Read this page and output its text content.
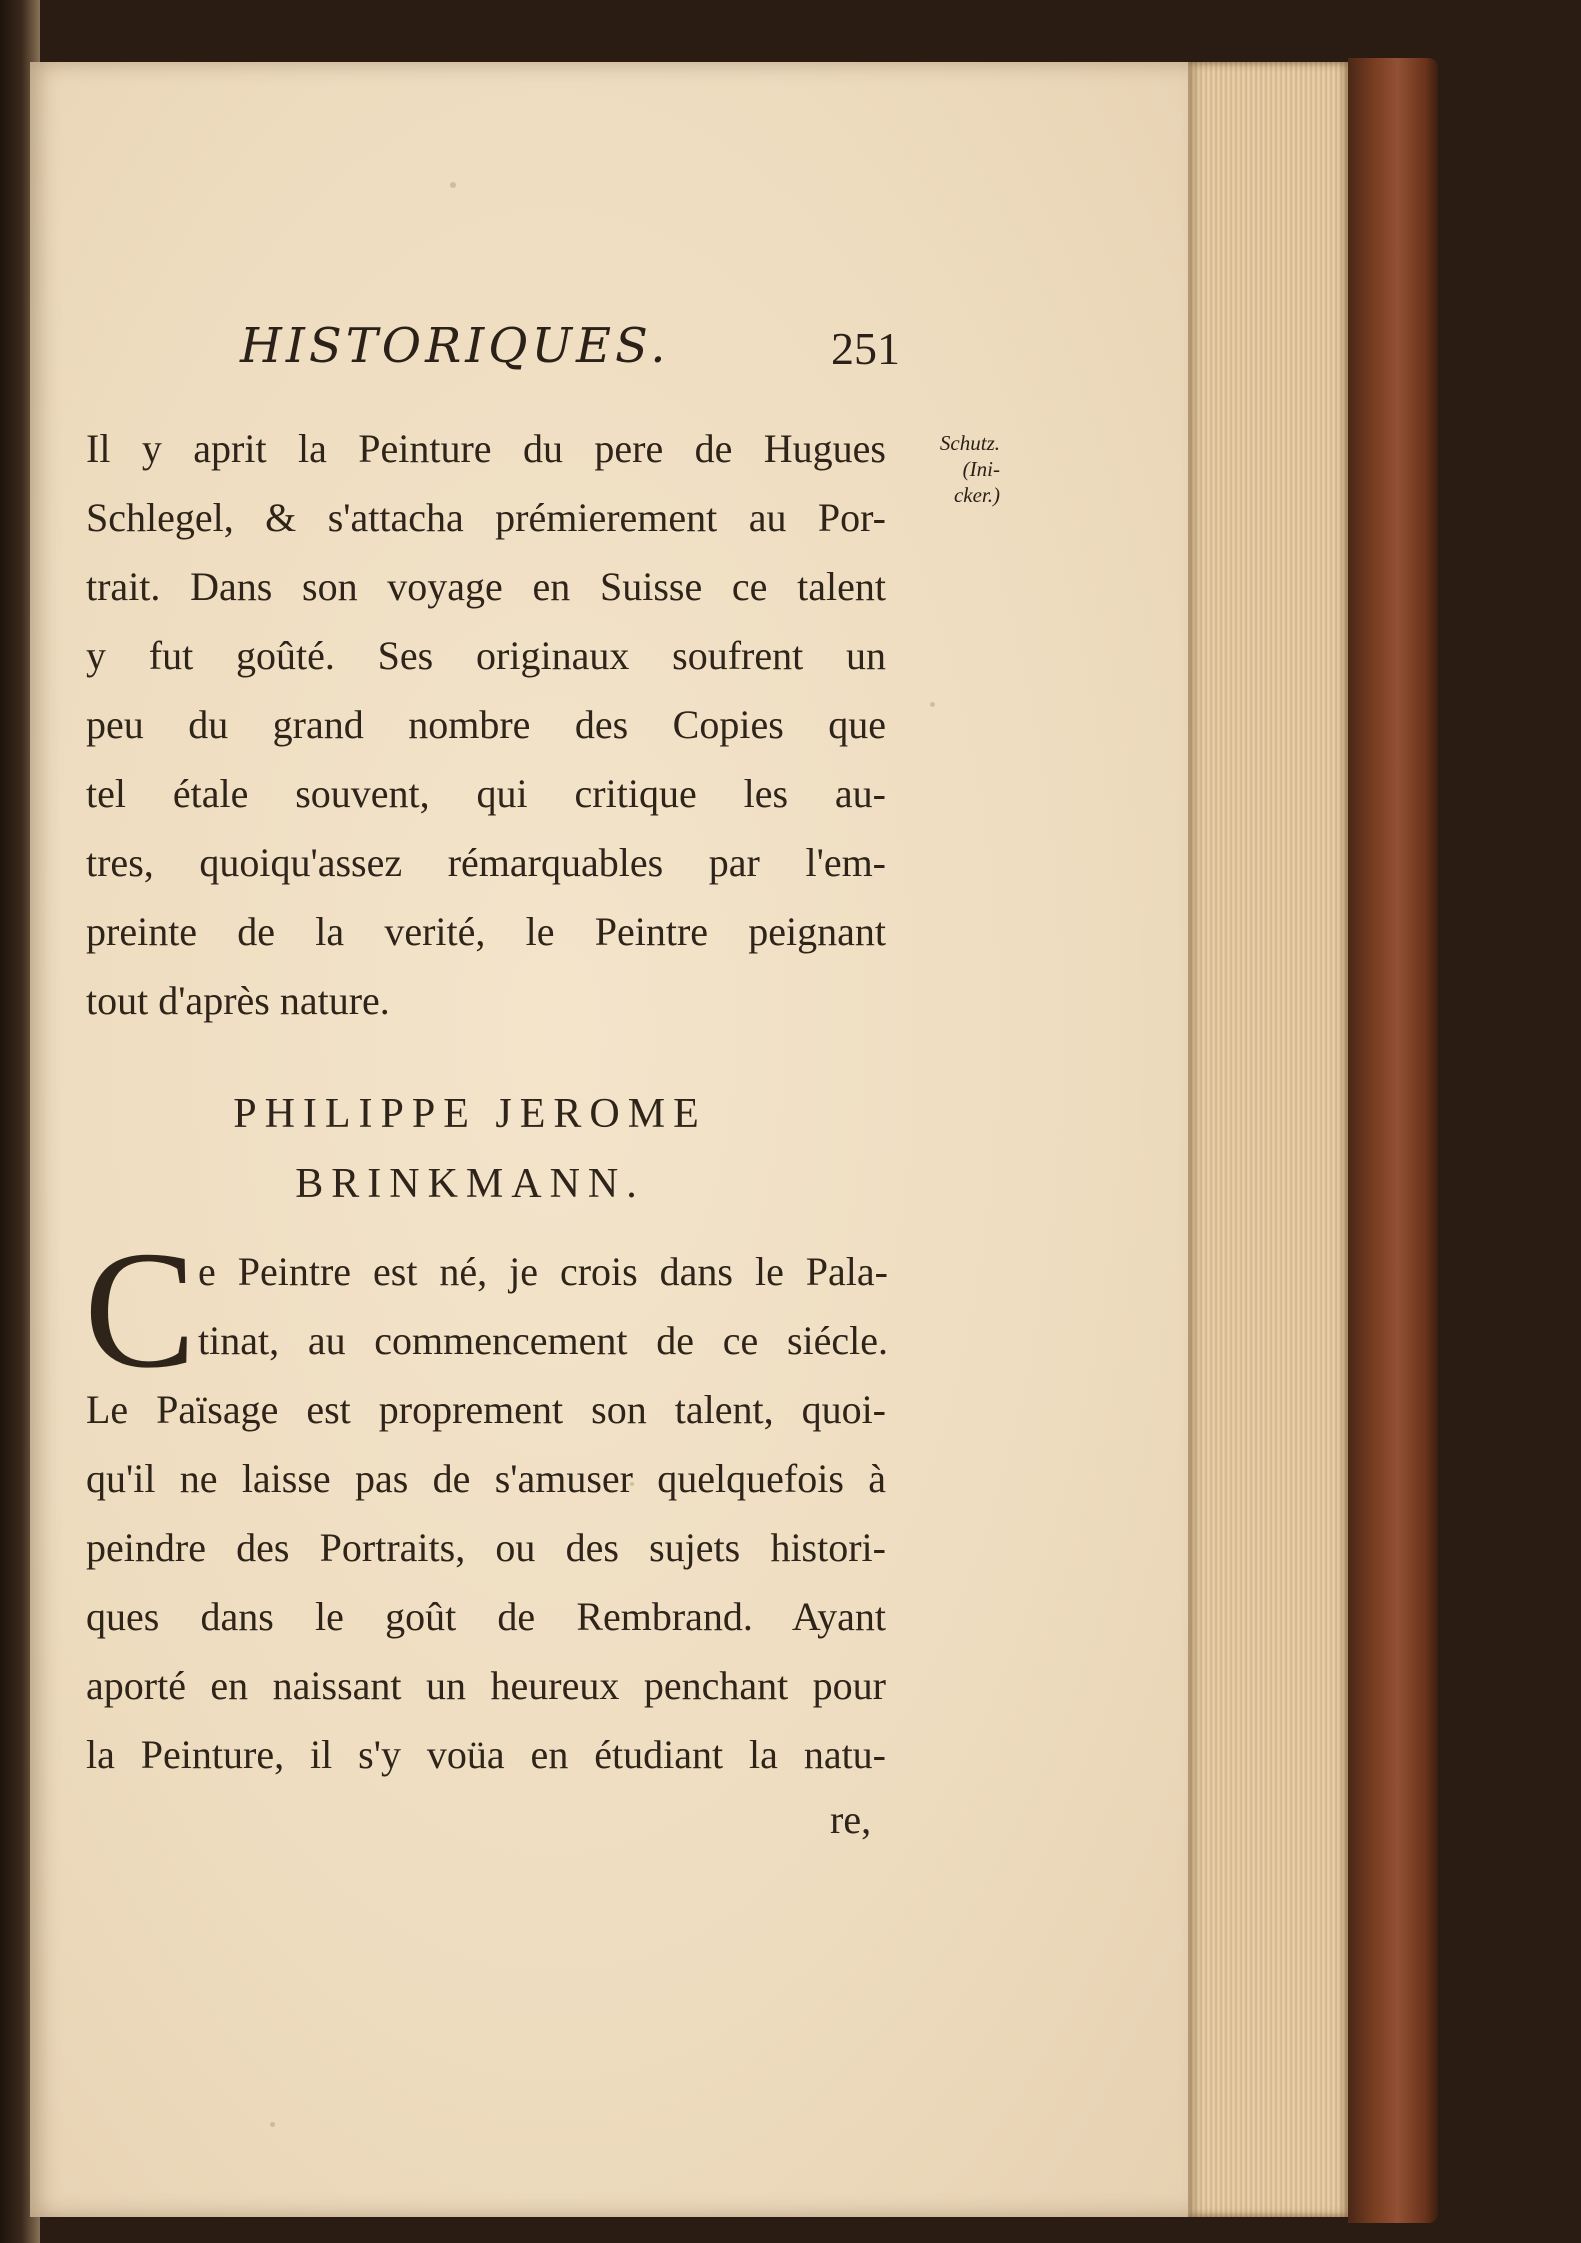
HISTORIQUES.	251
Schutz.
(Ini-
cker.)
Il y aprit la Peinture du pere de Hugues
Schlegel, & s'attacha prémierement au Por-
trait. Dans son voyage en Suisse ce talent
y fut goûté. Ses originaux soufrent un
peu du grand nombre des Copies que
tel étale souvent, qui critique les au-
tres, quoiqu'assez rémarquables par l'em-
preinte de la verité, le Peintre peignant
tout d'après nature.
PHILIPPE JEROME
BRINKMANN.
C e Peintre est né, je crois dans le Pala-
tinat, au commencement de ce siécle.
Le Païsage est proprement son talent, quoi-
qu'il ne laisse pas de s'amuser quelquefois à
peindre des Portraits, ou des sujets histori-
ques dans le goût de Rembrand. Ayant
aporté en naissant un heureux penchant pour
la Peinture, il s'y voüa en étudiant la natu-
re,
